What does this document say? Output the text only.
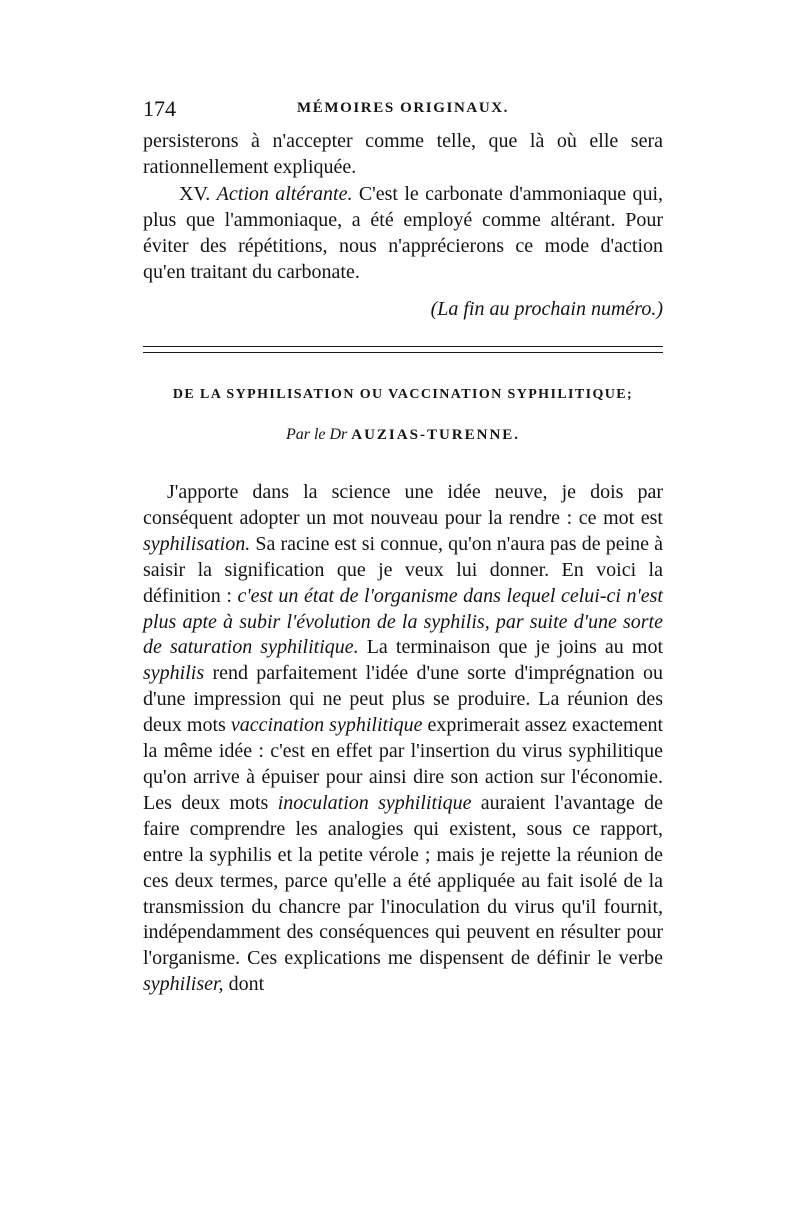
174	MÉMOIRES ORIGINAUX.

persisterons à n'accepter comme telle, que là où elle sera rationnellement expliquée.

XV. Action altérante. C'est le carbonate d'ammoniaque qui, plus que l'ammoniaque, a été employé comme altérant. Pour éviter des répétitions, nous n'apprécierons ce mode d'action qu'en traitant du carbonate.

(La fin au prochain numéro.)
DE LA SYPHILISATION OU VACCINATION SYPHILITIQUE;
Par le Dr AUZIAS-TURENNE.

J'apporte dans la science une idée neuve, je dois par conséquent adopter un mot nouveau pour la rendre : ce mot est syphilisation. Sa racine est si connue, qu'on n'aura pas de peine à saisir la signification que je veux lui donner. En voici la définition : c'est un état de l'organisme dans lequel celui-ci n'est plus apte à subir l'évolution de la syphilis, par suite d'une sorte de saturation syphilitique. La terminaison que je joins au mot syphilis rend parfaitement l'idée d'une sorte d'imprégnation ou d'une impression qui ne peut plus se produire. La réunion des deux mots vaccination syphilitique exprimerait assez exactement la même idée : c'est en effet par l'insertion du virus syphilitique qu'on arrive à épuiser pour ainsi dire son action sur l'économie. Les deux mots inoculation syphilitique auraient l'avantage de faire comprendre les analogies qui existent, sous ce rapport, entre la syphilis et la petite vérole ; mais je rejette la réunion de ces deux termes, parce qu'elle a été appliquée au fait isolé de la transmission du chancre par l'inoculation du virus qu'il fournit, indépendamment des conséquences qui peuvent en résulter pour l'organisme. Ces explications me dispensent de définir le verbe syphiliser, dont
